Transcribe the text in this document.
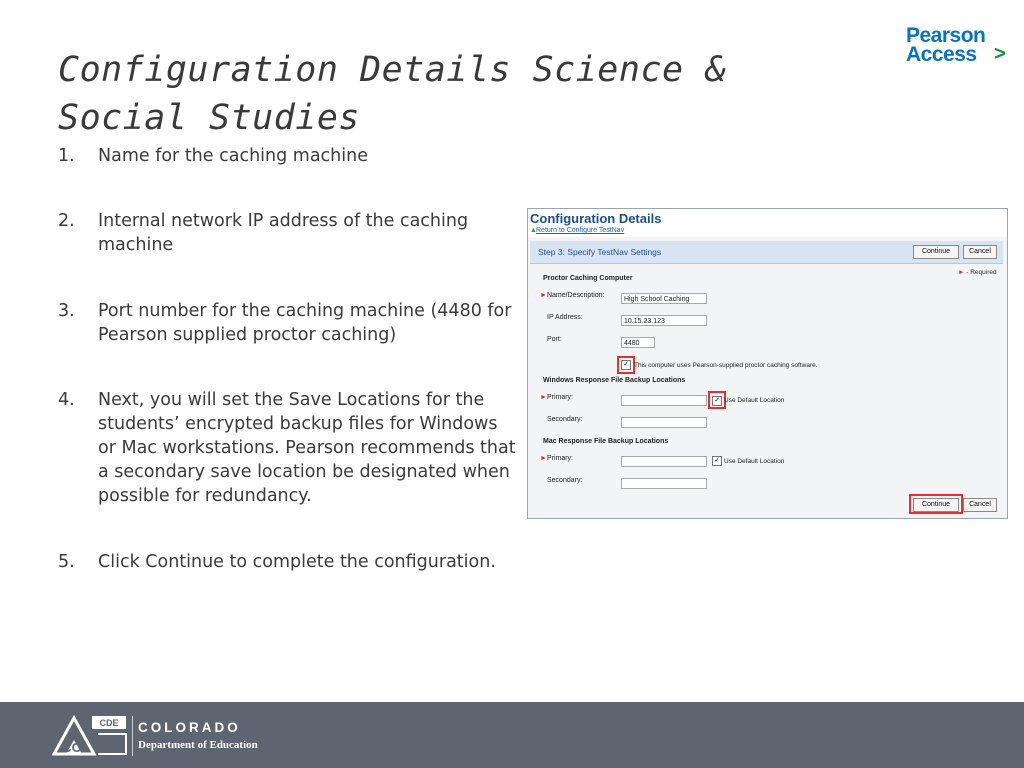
Configuration Details Science & Social Studies
Pearson
Access >
1.	Name for the caching machine
2.	Internal network IP address of the caching machine
3.	Port number for the caching machine (4480 for Pearson supplied proctor caching)
4.	Next, you will set the Save Locations for the students’ encrypted backup files for Windows or Mac workstations. Pearson recommends that a secondary save location be designated when possible for redundancy.
5.	Click Continue to complete the configuration.
Configuration Details
▲ Return to Configure TestNav
Step 3: Specify TestNav Settings	Continue	Cancel
► - Required
Proctor Caching Computer
►Name/Description:
High School Caching
IP Address:
10.15.23.123
Port:
4480
✓ This computer uses Pearson-supplied proctor caching software.
Windows Response File Backup Locations
►Primary:	✓ Use Default Location
Secondary:
Mac Response File Backup Locations
►Primary:	✓ Use Default Location
Secondary:
Continue	Cancel
CDE
CO
COLORADO
Department of Education
